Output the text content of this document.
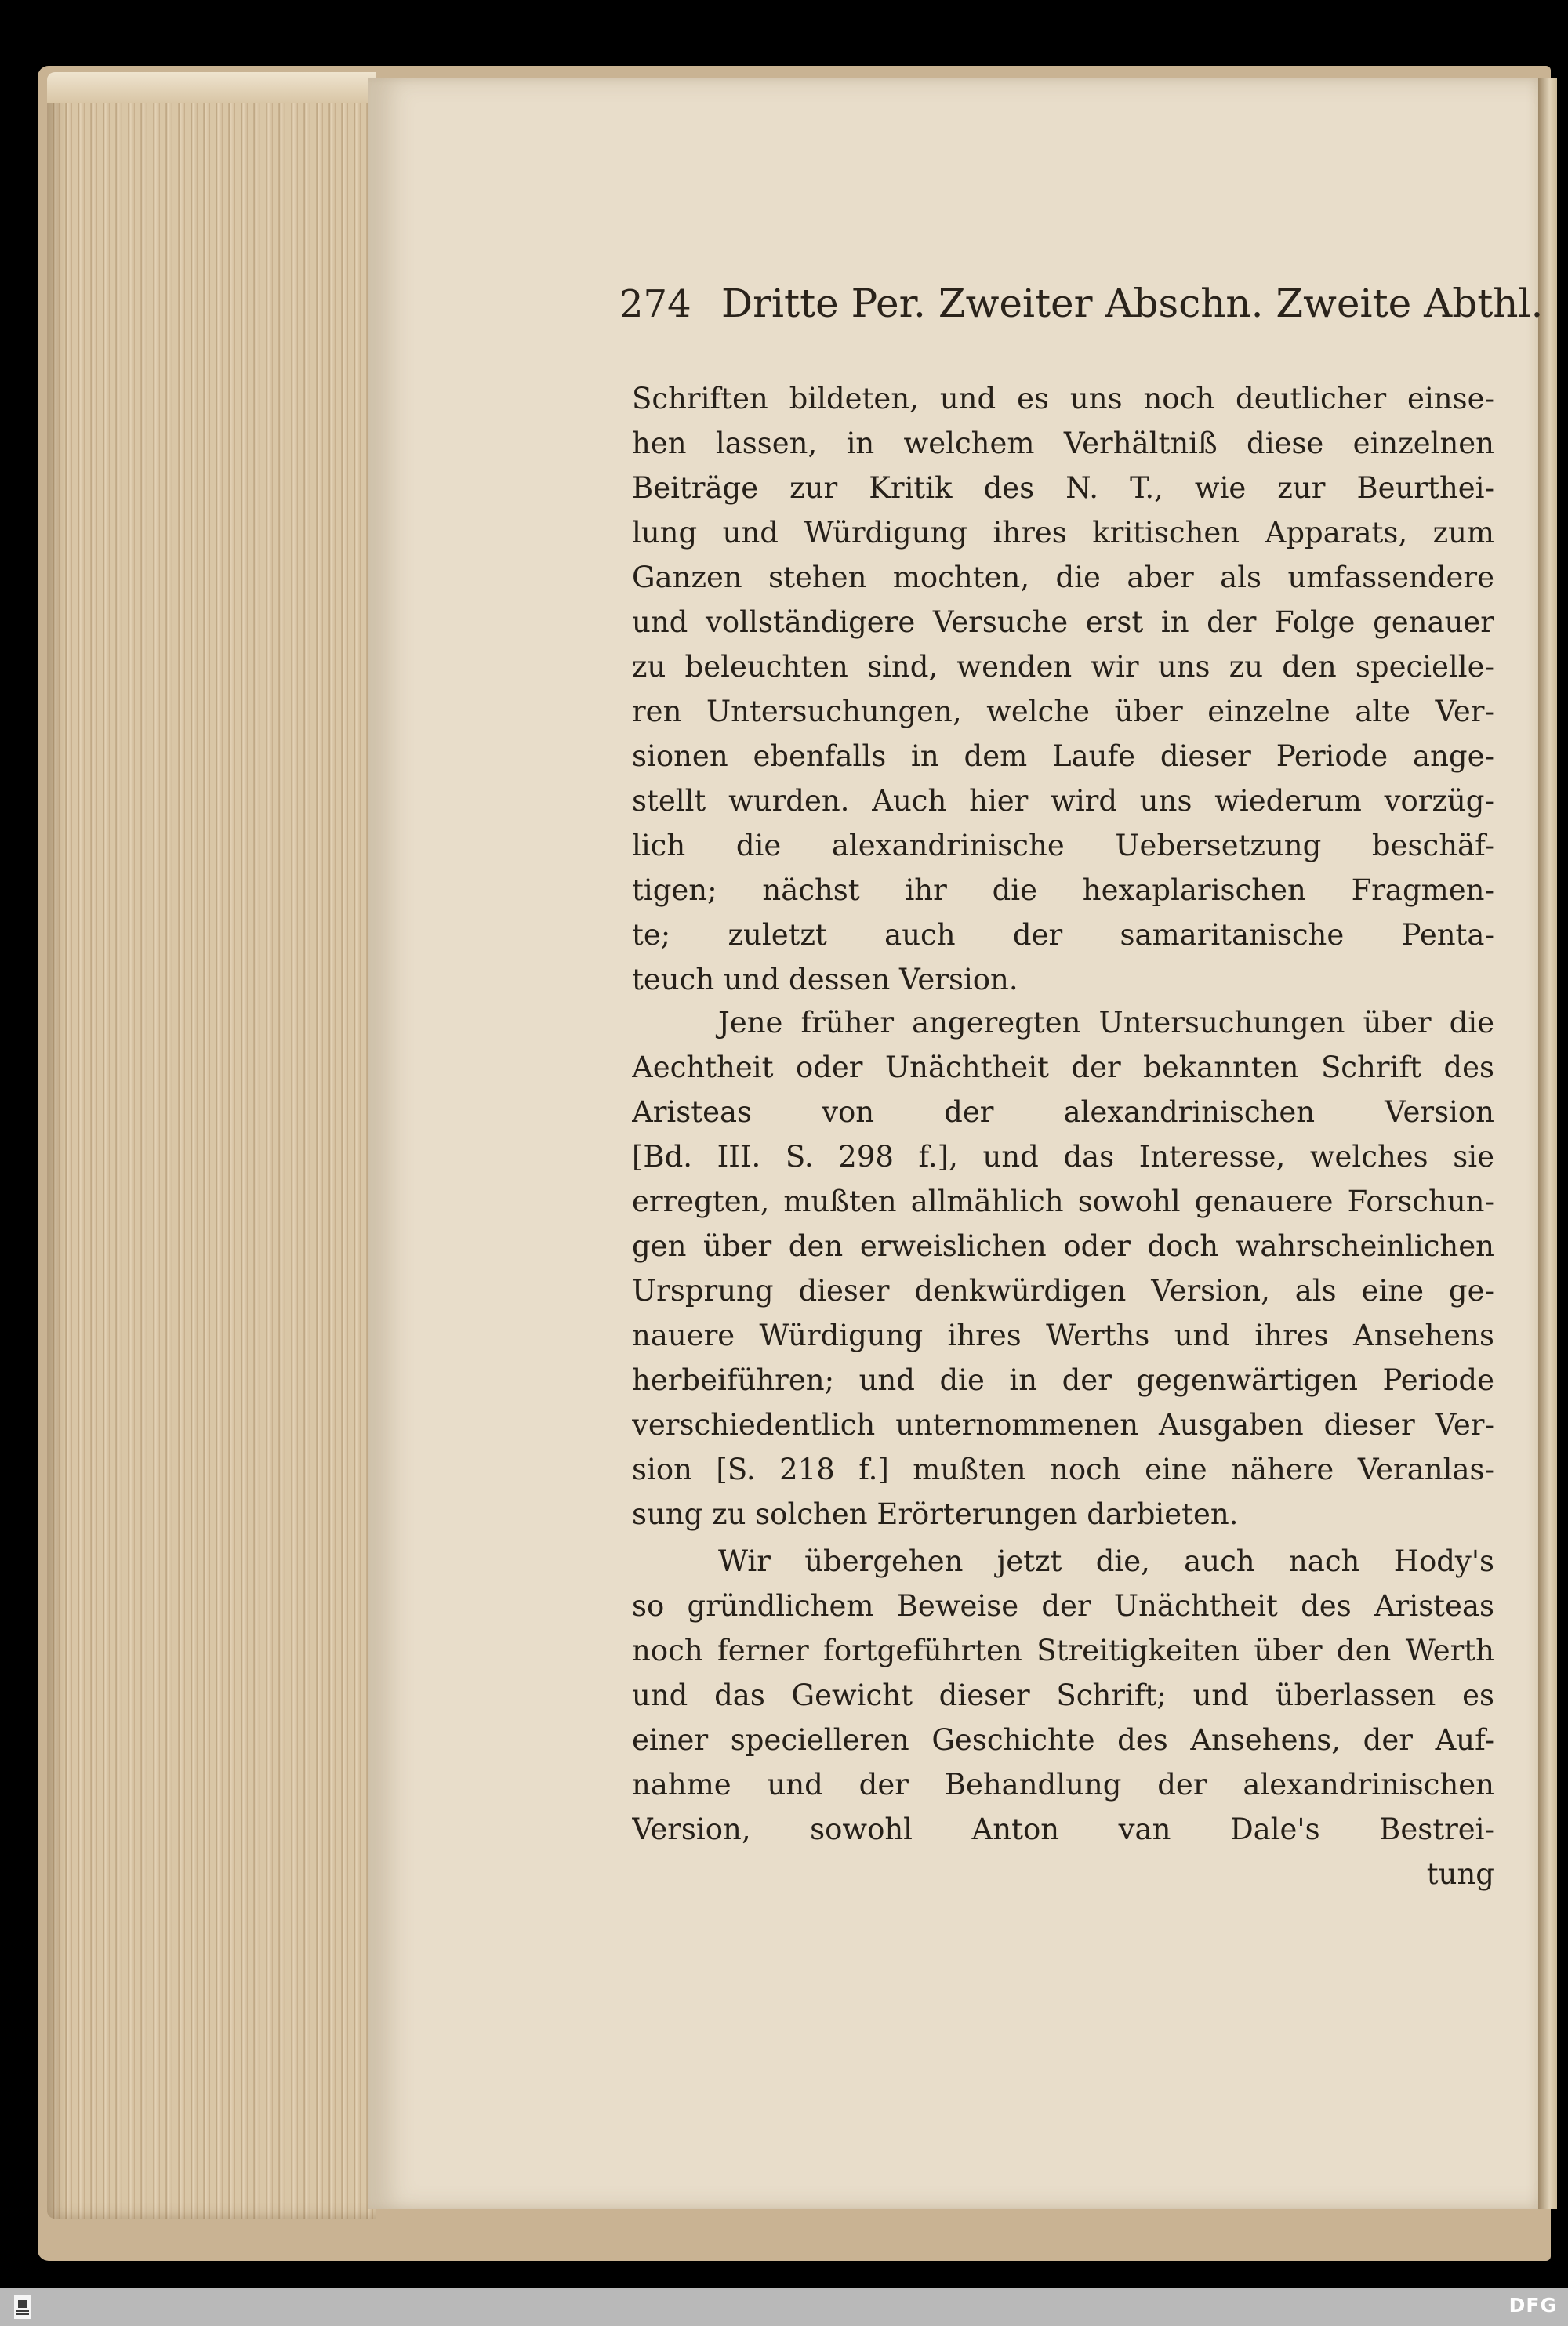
274 Dritte Per. Zweiter Abschn. Zweite Abthl.
Schriften bildeten, und es uns noch deutlicher einse-
hen lassen, in welchem Verhältniß diese einzelnen
Beiträge zur Kritik des N. T., wie zur Beurthei-
lung und Würdigung ihres kritischen Apparats, zum
Ganzen stehen mochten, die aber als umfassendere
und vollständigere Versuche erst in der Folge genauer
zu beleuchten sind, wenden wir uns zu den specielle-
ren Untersuchungen, welche über einzelne alte Ver-
sionen ebenfalls in dem Laufe dieser Periode ange-
stellt wurden. Auch hier wird uns wiederum vorzüg-
lich die alexandrinische Uebersetzung beschäf-
tigen; nächst ihr die hexaplarischen Fragmen-
te; zuletzt auch der samaritanische Penta-
teuch und dessen Version.
Jene früher angeregten Untersuchungen über die
Aechtheit oder Unächtheit der bekannten Schrift des
Aristeas von der alexandrinischen Version
[Bd. III. S. 298 f.], und das Interesse, welches sie
erregten, mußten allmählich sowohl genauere Forschun-
gen über den erweislichen oder doch wahrscheinlichen
Ursprung dieser denkwürdigen Version, als eine ge-
nauere Würdigung ihres Werths und ihres Ansehens
herbeiführen; und die in der gegenwärtigen Periode
verschiedentlich unternommenen Ausgaben dieser Ver-
sion [S. 218 f.] mußten noch eine nähere Veranlas-
sung zu solchen Erörterungen darbieten.
Wir übergehen jetzt die, auch nach Hody's
so gründlichem Beweise der Unächtheit des Aristeas
noch ferner fortgeführten Streitigkeiten über den Werth
und das Gewicht dieser Schrift; und überlassen es
einer specielleren Geschichte des Ansehens, der Auf-
nahme und der Behandlung der alexandrinischen
Version, sowohl Anton van Dale's Bestrei-
tung
DFG
